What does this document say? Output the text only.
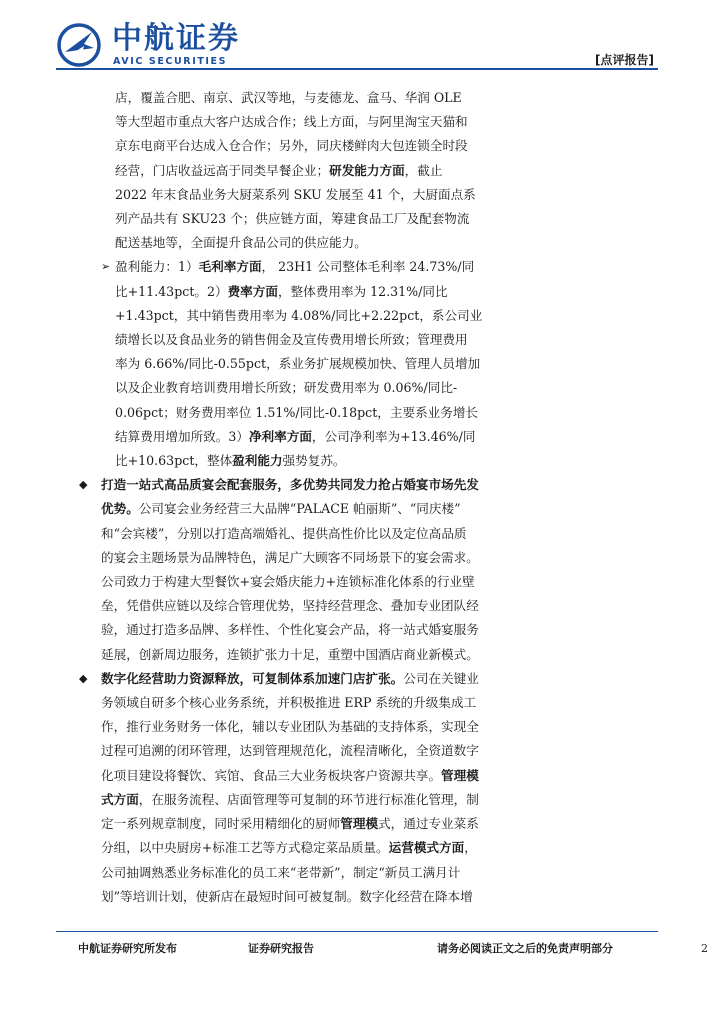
中航证券
AVIC SECURITIES	[点评报告]
店，覆盖合肥、南京、武汉等地，与麦德龙、盒马、华润 OLE
等大型超市重点大客户达成合作；线上方面，与阿里淘宝天猫和
京东电商平台达成入仓合作；另外，同庆楼鲜肉大包连锁全时段
经营，门店收益远高于同类早餐企业；研发能力方面，截止
2022 年末食品业务大厨菜系列 SKU 发展至 41 个，大厨面点系
列产品共有 SKU23 个；供应链方面，筹建食品工厂及配套物流
配送基地等，全面提升食品公司的供应能力。
➢ 盈利能力：1）毛利率方面， 23H1 公司整体毛利率 24.73%/同
比+11.43pct。2）费率方面，整体费用率为 12.31%/同比
+1.43pct，其中销售费用率为 4.08%/同比+2.22pct，系公司业
绩增长以及食品业务的销售佣金及宣传费用增长所致；管理费用
率为 6.66%/同比-0.55pct，系业务扩展规模加快、管理人员增加
以及企业教育培训费用增长所致；研发费用率为 0.06%/同比-
0.06pct；财务费用率位 1.51%/同比-0.18pct，主要系业务增长
结算费用增加所致。3）净利率方面，公司净利率为+13.46%/同
比+10.63pct，整体盈利能力强势复苏。
◆ 打造一站式高品质宴会配套服务，多优势共同发力抢占婚宴市场先发
优势。公司宴会业务经营三大品牌“PALACE 帕丽斯”、“同庆楼”
和“会宾楼”，分别以打造高端婚礼、提供高性价比以及定位高品质
的宴会主题场景为品牌特色，满足广大顾客不同场景下的宴会需求。
公司致力于构建大型餐饮+宴会婚庆能力+连锁标准化体系的行业壁
垒，凭借供应链以及综合管理优势，坚持经营理念、叠加专业团队经
验，通过打造多品牌、多样性、个性化宴会产品，将一站式婚宴服务
延展，创新周边服务，连锁扩张力十足，重塑中国酒店商业新模式。
◆ 数字化经营助力资源释放，可复制体系加速门店扩张。公司在关键业
务领域自研多个核心业务系统，并积极推进 ERP 系统的升级集成工
作，推行业务财务一体化，辅以专业团队为基础的支持体系，实现全
过程可追溯的闭环管理，达到管理规范化，流程清晰化，全资道数字
化项目建设将餐饮、宾馆、食品三大业务板块客户资源共享。管理模
式方面，在服务流程、店面管理等可复制的环节进行标准化管理，制
定一系列规章制度，同时采用精细化的厨师管理模式，通过专业菜系
分组，以中央厨房+标准工艺等方式稳定菜品质量。运营模式方面，
公司抽调熟悉业务标准化的员工来“老带新”，制定“新员工满月计
划”等培训计划，使新店在最短时间可被复制。数字化经营在降本增
中航证券研究所发布	证券研究报告	请务必阅读正文之后的免责声明部分	2
